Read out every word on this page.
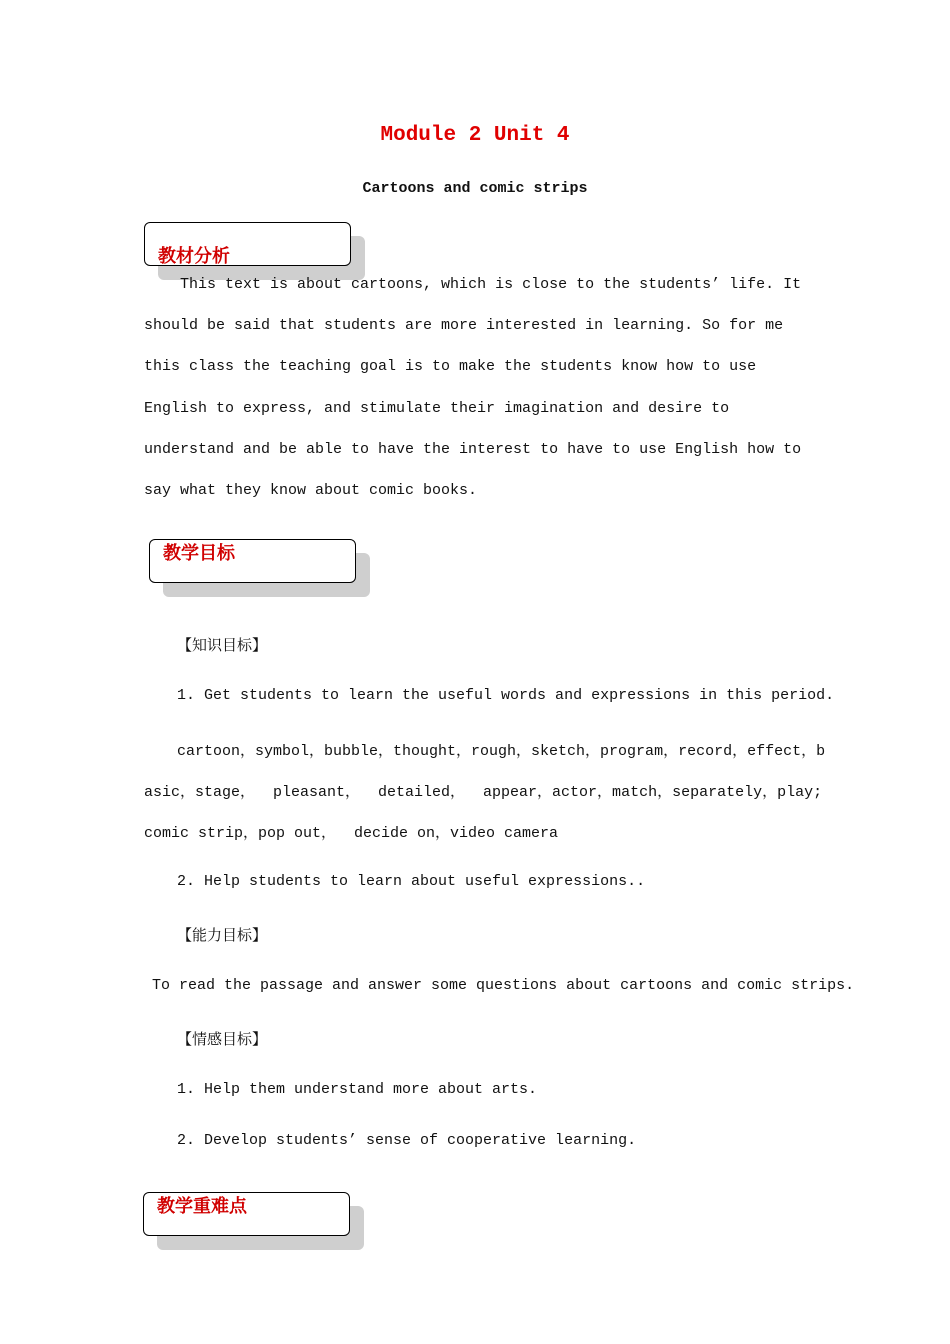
Module 2 Unit 4
Cartoons and comic strips
教材分析
This text is about cartoons, which is close to the students’ life. It should be said that students are more interested in learning. So for me this class the teaching goal is to make the students know how to use English to express, and stimulate their imagination and desire to understand and be able to have the interest to have to use English how to say what they know about comic books.
教学目标
【知识目标】
1. Get students to learn the useful words and expressions in this period.
cartoon，symbol，bubble，thought，rough，sketch，program，record，effect，b
asic，stage，  pleasant，  detailed，  appear，actor，match，separately，play;
comic strip，pop out，  decide on，video camera
2. Help students to learn about useful expressions..
【能力目标】
To read the passage and answer some questions about cartoons and comic strips.
【情感目标】
1. Help them understand more about arts.
2. Develop students’ sense of cooperative learning.
教学重难点
